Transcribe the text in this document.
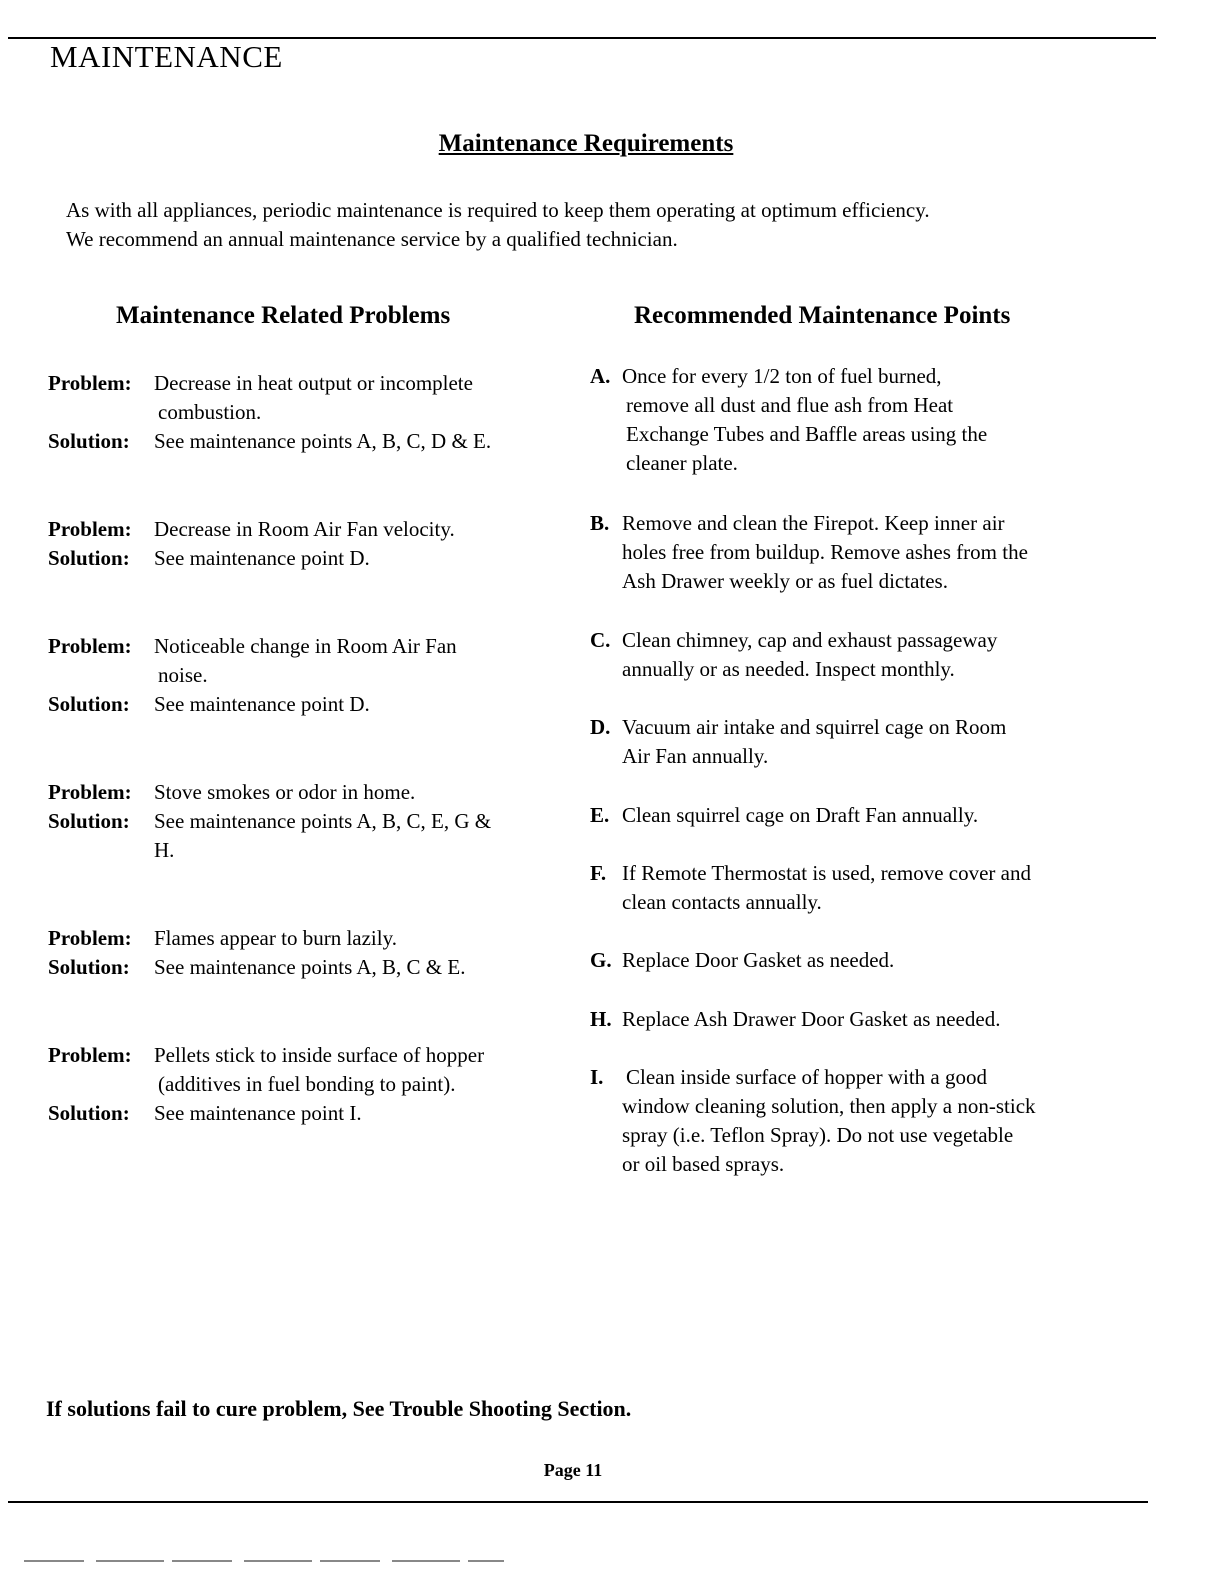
MAINTENANCE
Maintenance Requirements

As with all appliances, periodic maintenance is required to keep them operating at optimum efficiency.

We recommend an annual maintenance service by a qualified technician.

Maintenance Related Problems	Recommended Maintenance Points
Problem:	Decrease in heat output or incomplete
combustion.
Solution:	See maintenance points A, B, C, D & E.
Problem:	Decrease in Room Air Fan velocity.
Solution:	See maintenance point D.
Problem:	Noticeable change in Room Air Fan
noise.
Solution:	See maintenance point D.
Problem:	Stove smokes or odor in home.
Solution:	See maintenance points A, B, C, E, G &
H.
Problem:	Flames appear to burn lazily.
Solution:	See maintenance points A, B, C & E.
Problem:	Pellets stick to inside surface of hopper
(additives in fuel bonding to paint).
Solution:	See maintenance point I.
A. Once for every 1/2 ton of fuel burned,
remove all dust and flue ash from Heat
Exchange Tubes and Baffle areas using the
cleaner plate.
B. Remove and clean the Firepot. Keep inner air
holes free from buildup. Remove ashes from the
Ash Drawer weekly or as fuel dictates.
C. Clean chimney, cap and exhaust passageway
annually or as needed. Inspect monthly.
D. Vacuum air intake and squirrel cage on Room
Air Fan annually.
E. Clean squirrel cage on Draft Fan annually.
F. If Remote Thermostat is used, remove cover and
clean contacts annually.
G. Replace Door Gasket as needed.
H. Replace Ash Drawer Door Gasket as needed.
I.	Clean inside surface of hopper with a good
window cleaning solution, then apply a non-stick
spray (i.e. Teflon Spray). Do not use vegetable
or oil based sprays.
If solutions fail to cure problem, See Trouble Shooting Section.
Page 11
